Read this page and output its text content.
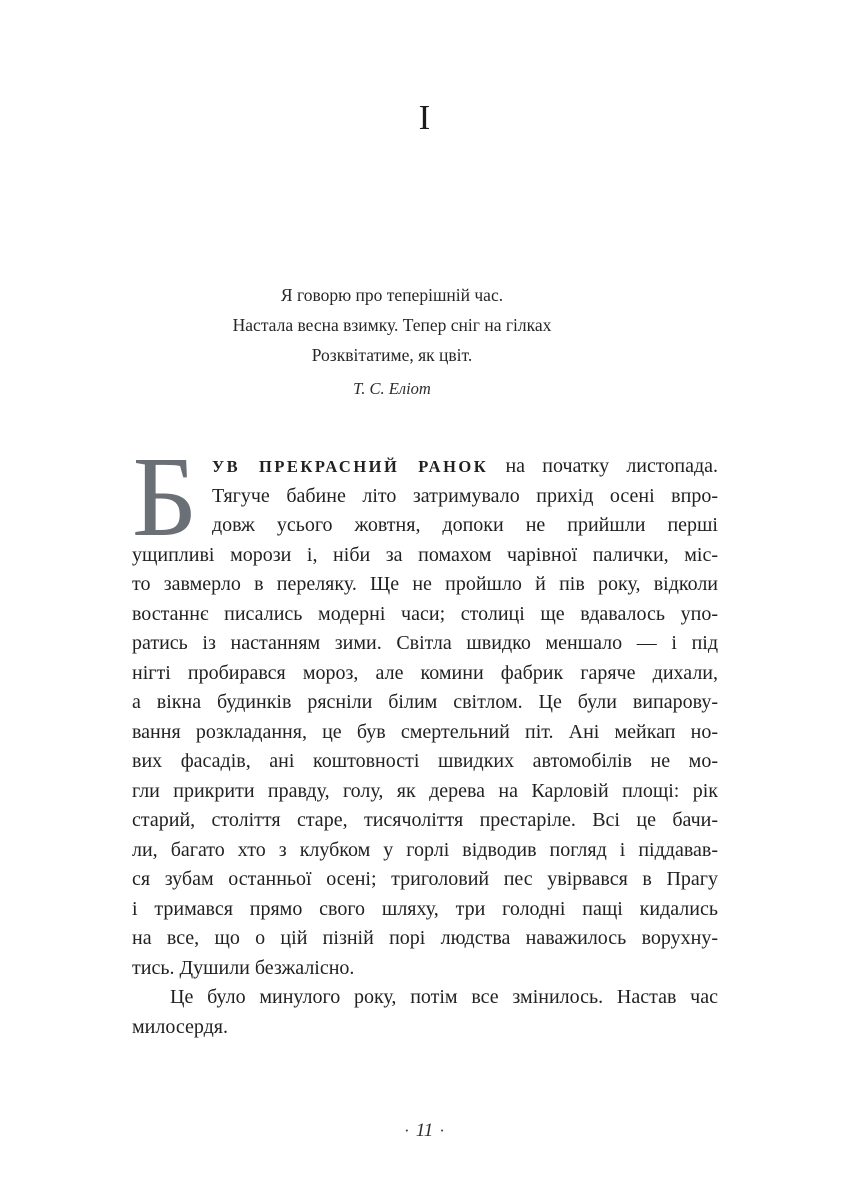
I
Я говорю про теперішній час.
Настала весна взимку. Тепер сніг на гілках
Розквітатиме, як цвіт.
Т. С. Еліот
Б УВ ПРЕКРАСНИЙ РАНОК на початку листопада.
Тягуче бабине літо затримувало прихід осені впро-
довж усього жовтня, допоки не прийшли перші
ущипливі морози і, ніби за помахом чарівної палички, міс-
то завмерло в переляку. Ще не пройшло й пів року, відколи
востаннє писались модерні часи; столиці ще вдавалось упо-
ратись із настанням зими. Світла швидко меншало — і під
нігті пробирався мороз, але комини фабрик гаряче дихали,
а вікна будинків рясніли білим світлом. Це були випарову-
вання розкладання, це був смертельний піт. Ані мейкап но-
вих фасадів, ані коштовності швидких автомобілів не мо-
гли прикрити правду, голу, як дерева на Карловій площі: рік
старий, століття старе, тисячоліття престаріле. Всі це бачи-
ли, багато хто з клубком у горлі відводив погляд і піддавав-
ся зубам останньої осені; триголовий пес увірвався в Прагу
і тримався прямо свого шляху, три голодні пащі кидались
на все, що о цій пізній порі людства наважилось ворухну-
тись. Душили безжалісно.
Це було минулого року, потім все змінилось. Настав час
милосердя.
· 11 ·
